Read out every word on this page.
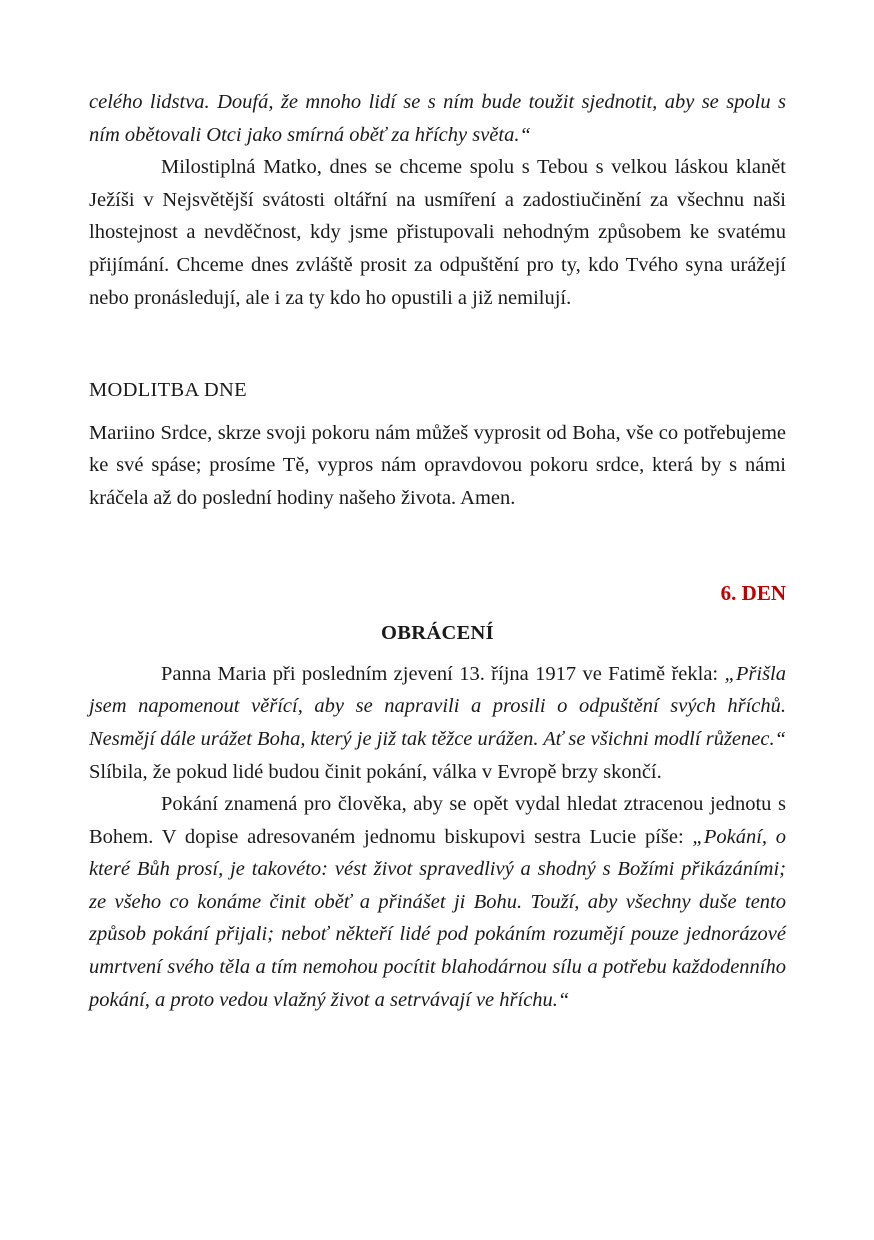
celého lidstva. Doufá, že mnoho lidí se s ním bude toužit sjednotit, aby se spolu s ním obětovali Otci jako smírná oběť za hříchy světa.“

Milostiplná Matko, dnes se chceme spolu s Tebou s velkou láskou klanět Ježíši v Nejsvětější svátosti oltářní na usmíření a zadostiučinění za všechnu naši lhostejnost a nevděčnost, kdy jsme přistupovali nehodným způsobem ke svatému přijímání. Chceme dnes zvláště prosit za odpuštění pro ty, kdo Tvého syna urážejí nebo pronásledují, ale i za ty kdo ho opustili a již nemilují.

MODLITBA DNE

Mariino Srdce, skrze svoji pokoru nám můžeš vyprosit od Boha, vše co potřebujeme ke své spáse; prosíme Tě, vypros nám opravdovou pokoru srdce, která by s námi kráčela až do poslední hodiny našeho života. Amen.

6. DEN
OBRÁCENÍ

Panna Maria při posledním zjevení 13. října 1917 ve Fatimě řekla: „Přišla jsem napomenout věřící, aby se napravili a prosili o odpuštění svých hříchů. Nesmějí dále urážet Boha, který je již tak těžce urážen. Ať se všichni modlí růženec.“ Slíbila, že pokud lidé budou činit pokání, válka v Evropě brzy skončí.

Pokání znamená pro člověka, aby se opět vydal hledat ztracenou jednotu s Bohem. V dopise adresovaném jednomu biskupovi sestra Lucie píše: „Pokání, o které Bůh prosí, je takovéto: vést život spravedlivý a shodný s Božími přikázáními; ze všeho co konáme činit oběť a přinášet ji Bohu. Touží, aby všechny duše tento způsob pokání přijali; neboť někteří lidé pod pokáním rozumějí pouze jednorázové umrtvení svého těla a tím nemohou pocítit blahodárnou sílu a potřebu každodenního pokání, a proto vedou vlažný život a setrvávají ve hříchu.“
